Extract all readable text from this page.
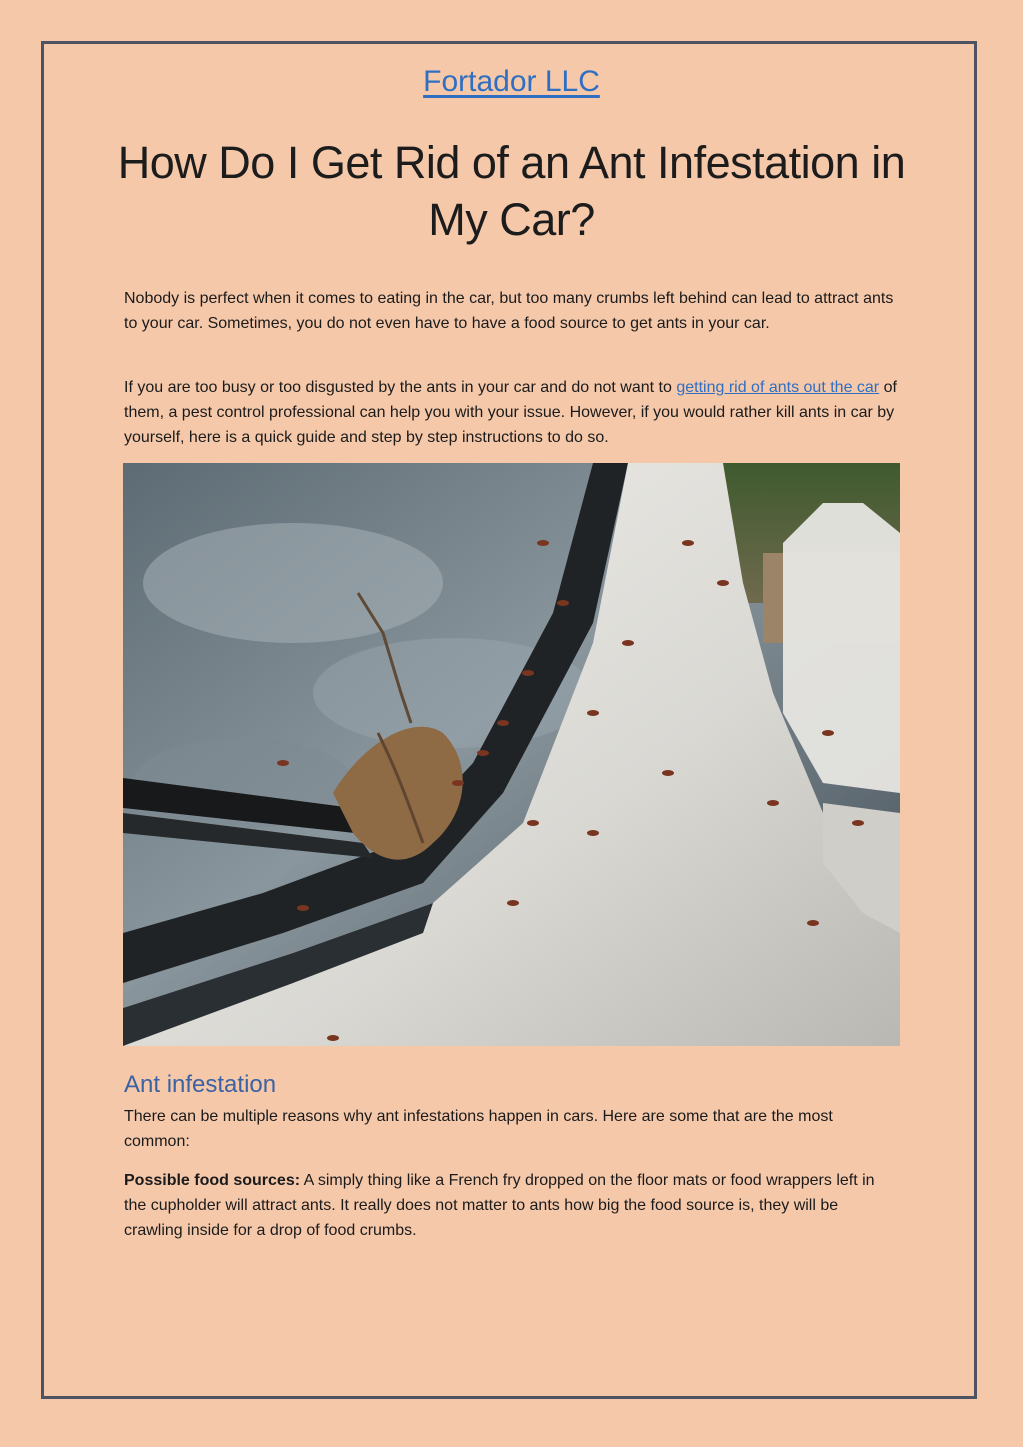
Fortador LLC
How Do I Get Rid of an Ant Infestation in My Car?

Nobody is perfect when it comes to eating in the car, but too many crumbs left behind can lead to attract ants to your car. Sometimes, you do not even have to have a food source to get ants in your car.

If you are too busy or too disgusted by the ants in your car and do not want to getting rid of ants out the car of them, a pest control professional can help you with your issue. However, if you would rather kill ants in car by yourself, here is a quick guide and step by step instructions to do so.

Ant infestation

There can be multiple reasons why ant infestations happen in cars. Here are some that are the most common:

Possible food sources: A simply thing like a French fry dropped on the floor mats or food wrappers left in the cupholder will attract ants. It really does not matter to ants how big the food source is, they will be crawling inside for a drop of food crumbs.
